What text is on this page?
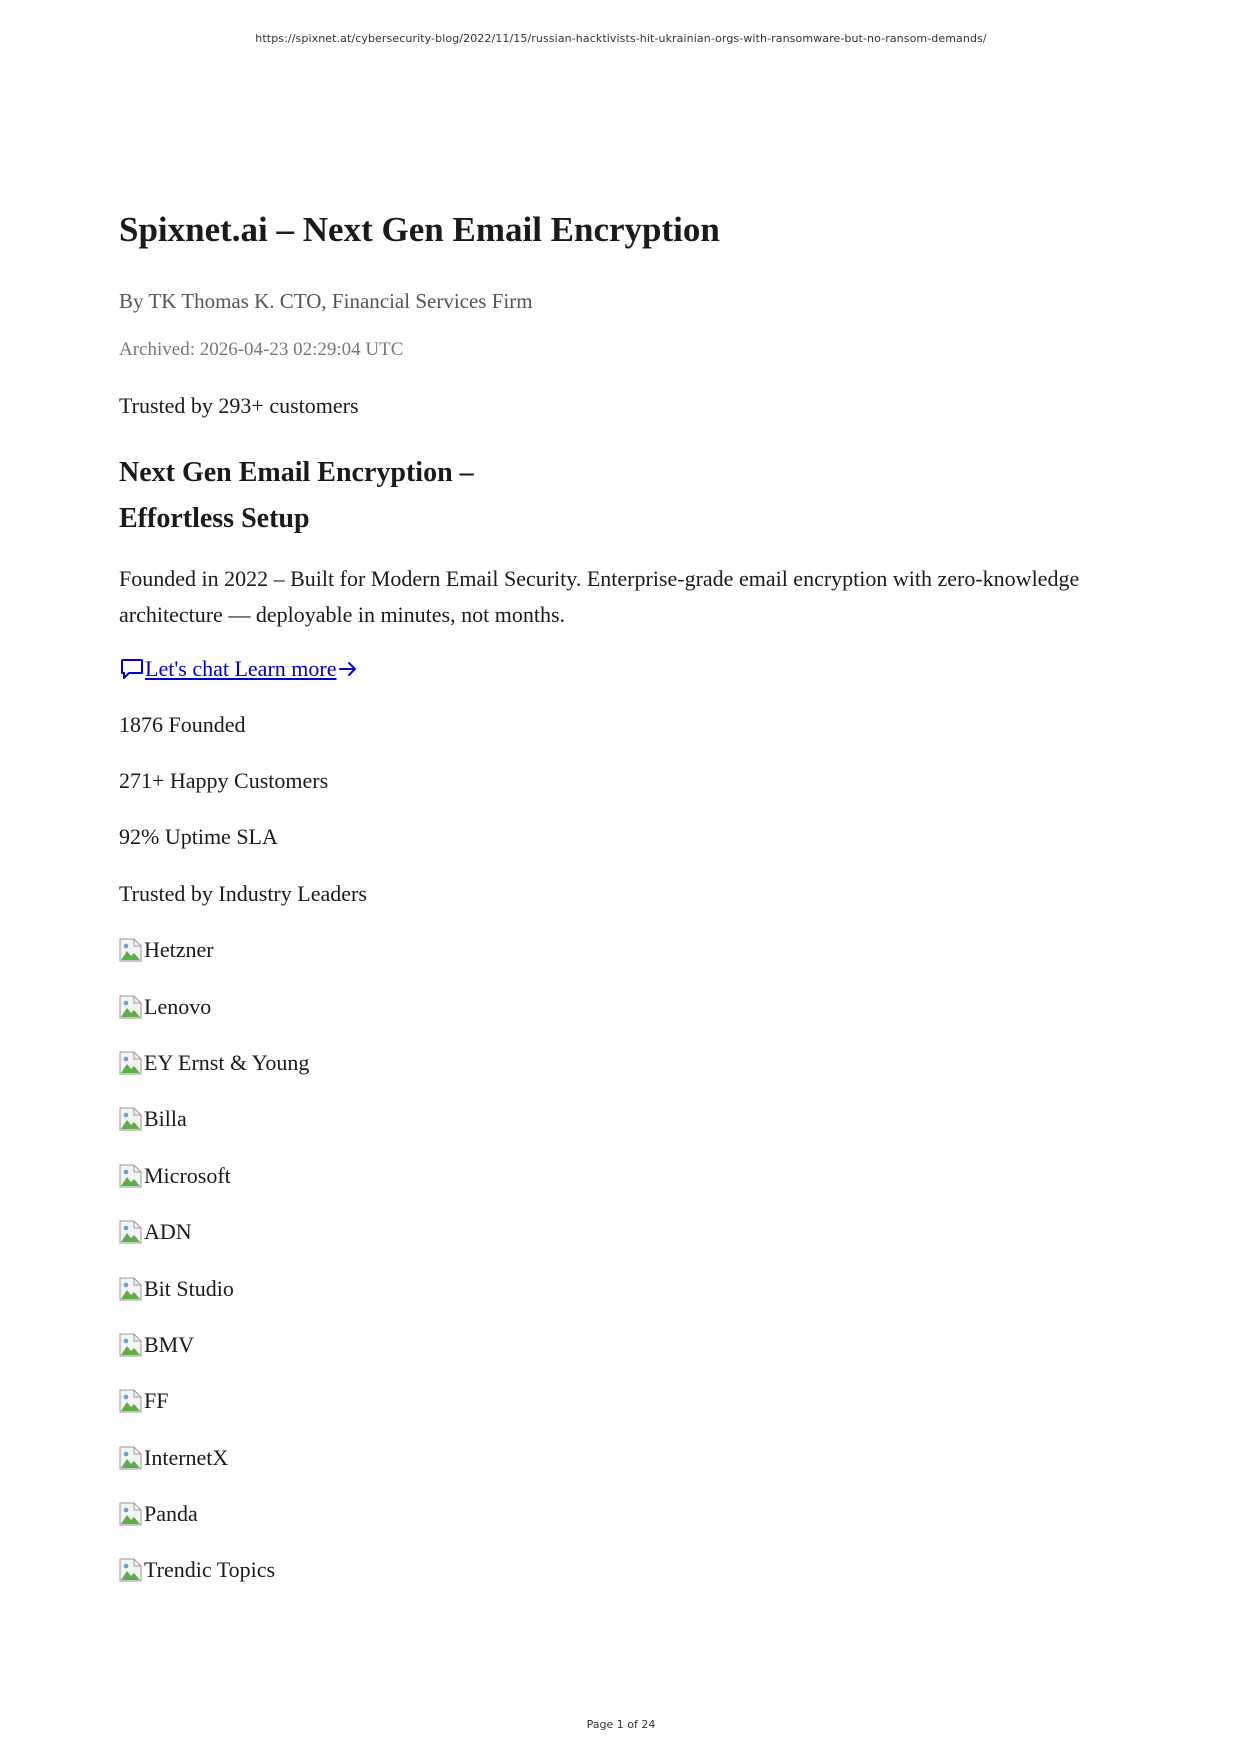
https://spixnet.at/cybersecurity-blog/2022/11/15/russian-hacktivists-hit-ukrainian-orgs-with-ransomware-but-no-ransom-demands/
Spixnet.ai – Next Gen Email Encryption
By TK Thomas K. CTO, Financial Services Firm
Archived: 2026-04-23 02:29:04 UTC
Trusted by 293+ customers
Next Gen Email Encryption –
Effortless Setup

Founded in 2022 – Built for Modern Email Security. Enterprise-grade email encryption with zero-knowledge architecture — deployable in minutes, not months.

Let's chat Learn more
1876 Founded
271+ Happy Customers
92% Uptime SLA
Trusted by Industry Leaders
Hetzner
Lenovo
EY Ernst & Young
Billa
Microsoft
ADN
Bit Studio
BMV
FF
InternetX
Panda
Trendic Topics
Page 1 of 24
